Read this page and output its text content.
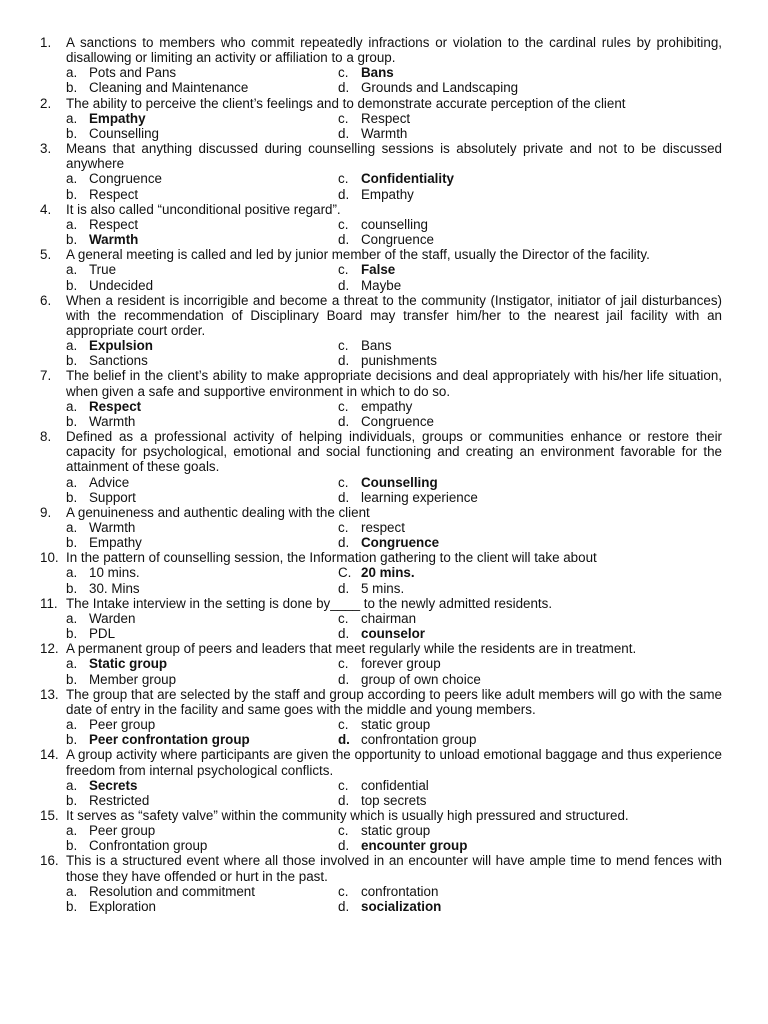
1. A sanctions to members who commit repeatedly infractions or violation to the cardinal rules by prohibiting, disallowing or limiting an activity or affiliation to a group.
a. Pots and Pans	c. Bans
b. Cleaning and Maintenance	d. Grounds and Landscaping
2. The ability to perceive the client’s feelings and to demonstrate accurate perception of the client
a. Empathy	c. Respect
b. Counselling	d. Warmth
3. Means that anything discussed during counselling sessions is absolutely private and not to be discussed anywhere
a. Congruence	c. Confidentiality
b. Respect	d. Empathy
4. It is also called “unconditional positive regard”.
a. Respect	c. counselling
b. Warmth	d. Congruence
5. A general meeting is called and led by junior member of the staff, usually the Director of the facility.
a. True	c. False
b. Undecided	d. Maybe
6. When a resident is incorrigible and become a threat to the community (Instigator, initiator of jail disturbances) with the recommendation of Disciplinary Board may transfer him/her to the nearest jail facility with an appropriate court order.
a. Expulsion	c. Bans
b. Sanctions	d. punishments
7. The belief in the client’s ability to make appropriate decisions and deal appropriately with his/her life situation, when given a safe and supportive environment in which to do so.
a. Respect	c. empathy
b. Warmth	d. Congruence
8. Defined as a professional activity of helping individuals, groups or communities enhance or restore their capacity for psychological, emotional and social functioning and creating an environment favorable for the attainment of these goals.
a. Advice	c. Counselling
b. Support	d. learning experience
9. A genuineness and authentic dealing with the client
a. Warmth	c. respect
b. Empathy	d. Congruence
10. In the pattern of counselling session, the Information gathering to the client will take about
a. 10 mins.	C. 20 mins.
b. 30. Mins	d. 5 mins.
11. The Intake interview in the setting is done by____ to the newly admitted residents.
a. Warden	c. chairman
b. PDL	d. counselor
12. A permanent group of peers and leaders that meet regularly while the residents are in treatment.
a. Static group	c. forever group
b. Member group	d. group of own choice
13. The group that are selected by the staff and group according to peers like adult members will go with the same date of entry in the facility and same goes with the middle and young members.
a. Peer group	c. static group
b. Peer confrontation group	d. confrontation group
14. A group activity where participants are given the opportunity to unload emotional baggage and thus experience freedom from internal psychological conflicts.
a. Secrets	c. confidential
b. Restricted	d. top secrets
15. It serves as “safety valve” within the community which is usually high pressured and structured.
a. Peer group	c. static group
b. Confrontation group	d. encounter group
16. This is a structured event where all those involved in an encounter will have ample time to mend fences with those they have offended or hurt in the past.
a. Resolution and commitment	c. confrontation
b. Exploration	d. socialization
